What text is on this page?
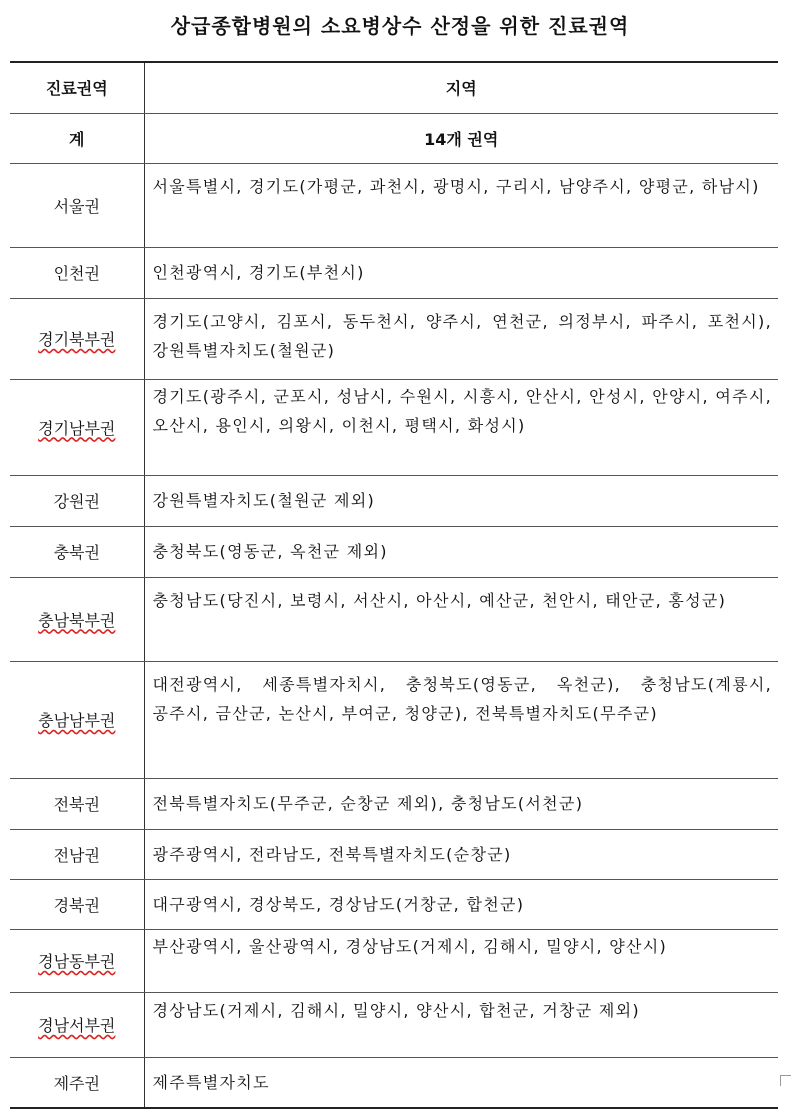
상급종합병원의 소요병상수 산정을 위한 진료권역
진료권역	지역
계	14개 권역
서울권	서울특별시, 경기도(가평군, 과천시, 광명시, 구리시, 남양주시, 양평군, 하남시)
인천권	인천광역시, 경기도(부천시)
경기북부권	경기도(고양시, 김포시, 동두천시, 양주시, 연천군, 의정부시, 파주시, 포천시), 강원특별자치도(철원군)
경기남부권	경기도(광주시, 군포시, 성남시, 수원시, 시흥시, 안산시, 안성시, 안양시, 여주시, 오산시, 용인시, 의왕시, 이천시, 평택시, 화성시)
강원권	강원특별자치도(철원군 제외)
충북권	충청북도(영동군, 옥천군 제외)
충남북부권	충청남도(당진시, 보령시, 서산시, 아산시, 예산군, 천안시, 태안군, 홍성군)
충남남부권	대전광역시, 세종특별자치시, 충청북도(영동군, 옥천군), 충청남도(계룡시, 공주시, 금산군, 논산시, 부여군, 청양군), 전북특별자치도(무주군)
전북권	전북특별자치도(무주군, 순창군 제외), 충청남도(서천군)
전남권	광주광역시, 전라남도, 전북특별자치도(순창군)
경북권	대구광역시, 경상북도, 경상남도(거창군, 합천군)
경남동부권	부산광역시, 울산광역시, 경상남도(거제시, 김해시, 밀양시, 양산시)
경남서부권	경상남도(거제시, 김해시, 밀양시, 양산시, 합천군, 거창군 제외)
제주권	제주특별자치도
